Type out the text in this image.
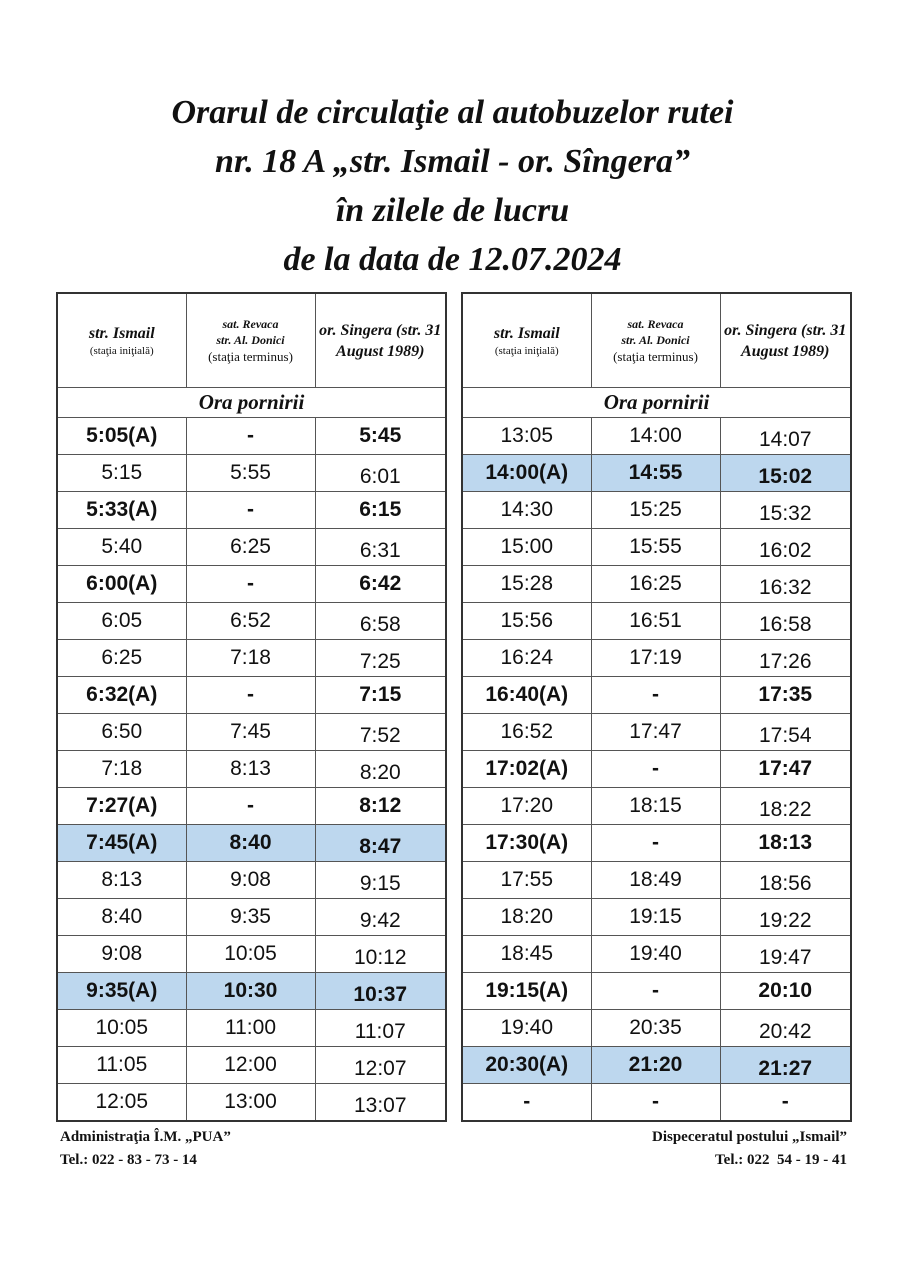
Orarul de circulaţie al autobuzelor rutei
nr. 18 A „str. Ismail - or. Sîngera”
în zilele de lucru
de la data de 12.07.2024
str. Ismail
(staţia iniţială)	sat. Revaca
str. Al. Donici
(staţia terminus)	or. Singera (str. 31 August 1989)

Ora pornirii		

5:05(A)	-	5:45

5:15	5:55	6:01

5:33(A)	-	6:15

5:40	6:25	6:31

6:00(A)	-	6:42

6:05	6:52	6:58

6:25	7:18	7:25

6:32(A)	-	7:15

6:50	7:45	7:52

7:18	8:13	8:20

7:27(A)	-	8:12

7:45(A)	8:40	8:47

8:13	9:08	9:15

8:40	9:35	9:42

9:08	10:05	10:12

9:35(A)	10:30	10:37

10:05	11:00	11:07

11:05	12:00	12:07

12:05	13:00	13:07
str. Ismail
(staţia iniţială)	sat. Revaca
str. Al. Donici
(staţia terminus)	or. Singera (str. 31 August 1989)

Ora pornirii		

13:05	14:00	14:07

14:00(A)	14:55	15:02

14:30	15:25	15:32

15:00	15:55	16:02

15:28	16:25	16:32

15:56	16:51	16:58

16:24	17:19	17:26

16:40(A)	-	17:35

16:52	17:47	17:54

17:02(A)	-	17:47

17:20	18:15	18:22

17:30(A)	-	18:13

17:55	18:49	18:56

18:20	19:15	19:22

18:45	19:40	19:47

19:15(A)	-	20:10

19:40	20:35	20:42

20:30(A)	21:20	21:27

-	-	-
Administraţia Î.M. „PUA”
Tel.: 022 - 83 - 73 - 14
Dispeceratul postului „Ismail”
Tel.: 022  54 - 19 - 41
